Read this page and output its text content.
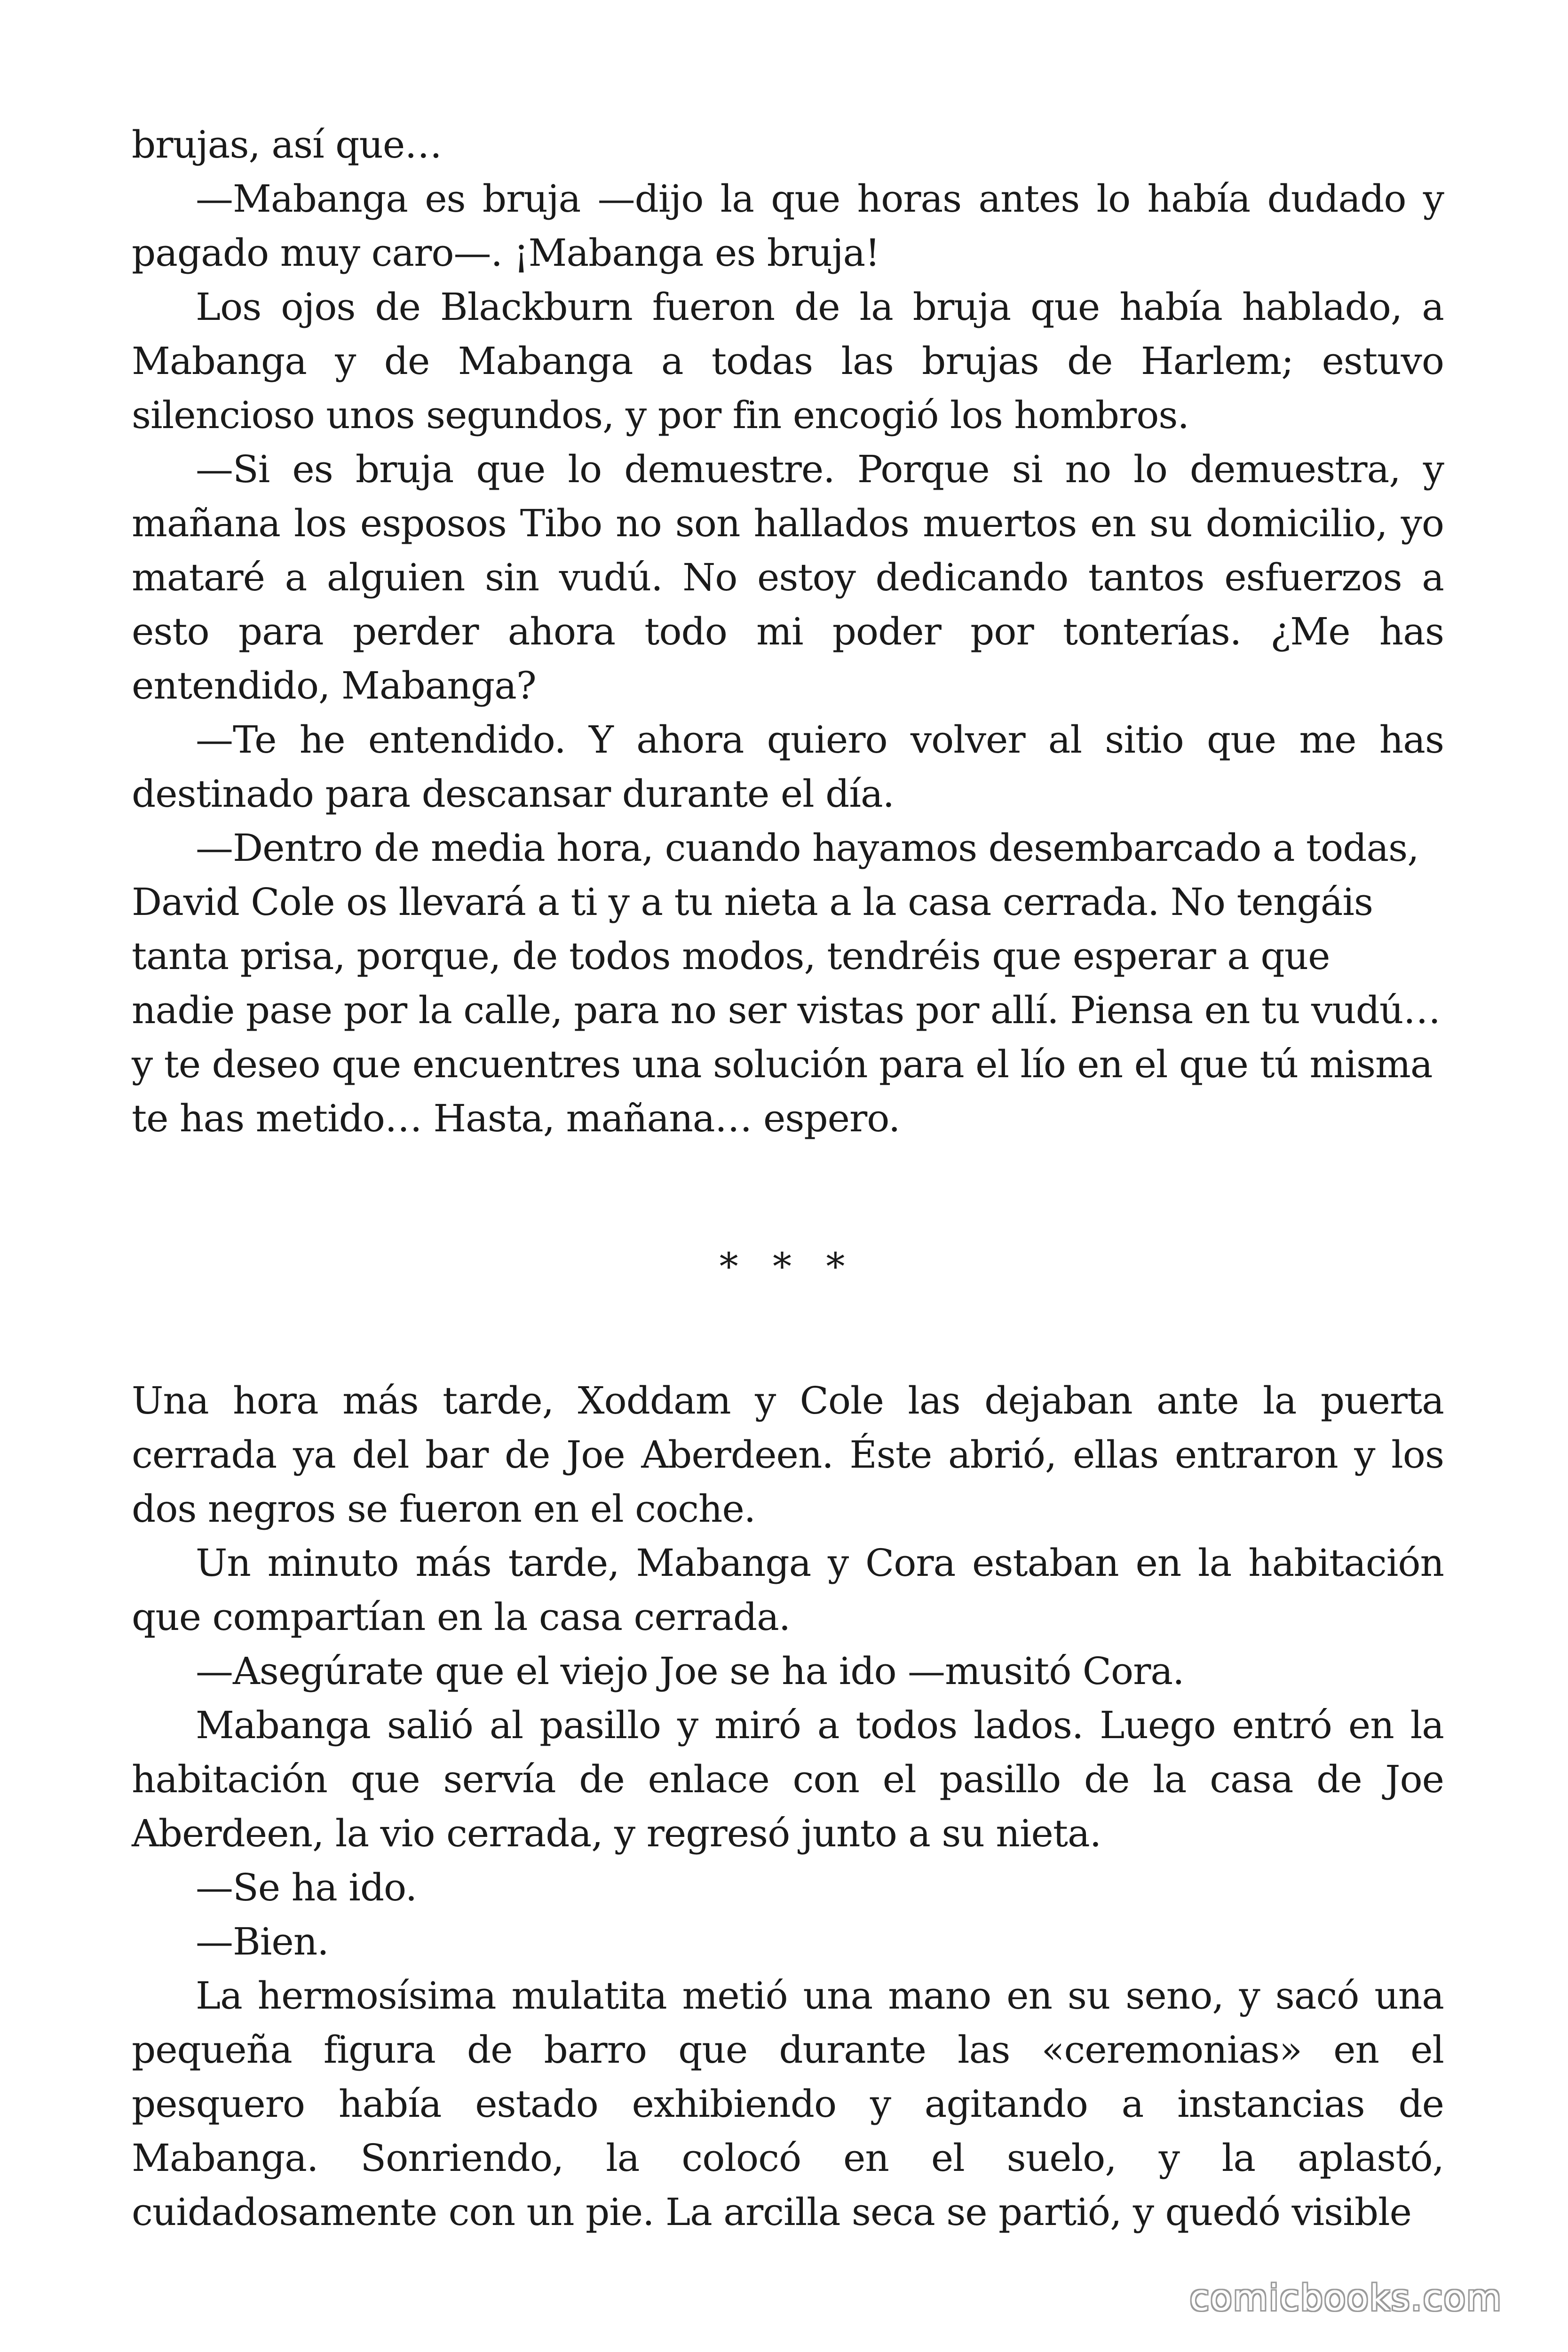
brujas, así que…

—Mabanga es bruja —dijo la que horas antes lo había dudado y pagado muy caro—. ¡Mabanga es bruja!

Los ojos de Blackburn fueron de la bruja que había hablado, a Mabanga y de Mabanga a todas las brujas de Harlem; estuvo silencioso unos segundos, y por fin encogió los hombros.

—Si es bruja que lo demuestre. Porque si no lo demuestra, y mañana los esposos Tibo no son hallados muertos en su domicilio, yo mataré a alguien sin vudú. No estoy dedicando tantos esfuerzos a esto para perder ahora todo mi poder por tonterías. ¿Me has entendido, Mabanga?

—Te he entendido. Y ahora quiero volver al sitio que me has destinado para descansar durante el día.

—Dentro de media hora, cuando hayamos desembarcado a todas, David Cole os llevará a ti y a tu nieta a la casa cerrada. No tengáis tanta prisa, porque, de todos modos, tendréis que esperar a que nadie pase por la calle, para no ser vistas por allí. Piensa en tu vudú… y te deseo que encuentres una solución para el lío en el que tú misma te has metido… Hasta, mañana… espero.

* * *

Una hora más tarde, Xoddam y Cole las dejaban ante la puerta cerrada ya del bar de Joe Aberdeen. Éste abrió, ellas entraron y los dos negros se fueron en el coche.

Un minuto más tarde, Mabanga y Cora estaban en la habitación que compartían en la casa cerrada.

—Asegúrate que el viejo Joe se ha ido —musitó Cora.

Mabanga salió al pasillo y miró a todos lados. Luego entró en la habitación que servía de enlace con el pasillo de la casa de Joe Aberdeen, la vio cerrada, y regresó junto a su nieta.

—Se ha ido.

—Bien.

La hermosísima mulatita metió una mano en su seno, y sacó una pequeña figura de barro que durante las «ceremonias» en el pesquero había estado exhibiendo y agitando a instancias de Mabanga. Sonriendo, la colocó en el suelo, y la aplastó, cuidadosamente con un pie. La arcilla seca se partió, y quedó visible

comicbooks.com
